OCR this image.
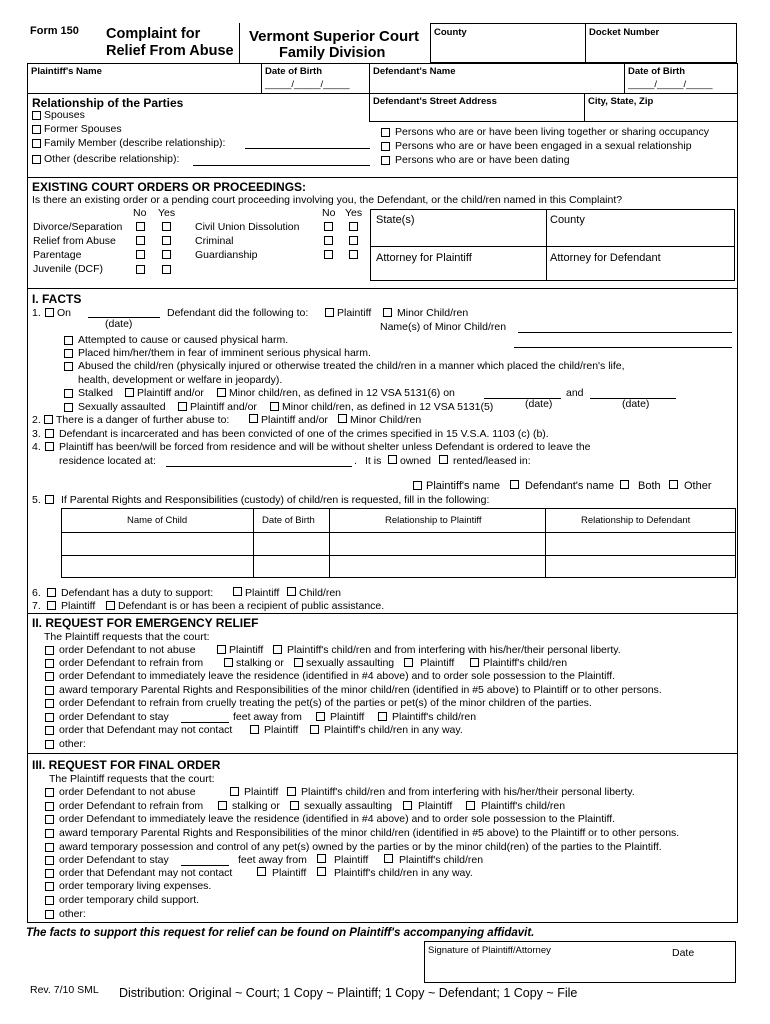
Form 150 Complaint for
Relief From Abuse
Vermont Superior Court
Family Division
County	Docket Number
Plaintiff's Name	Date of Birth
_____/_____/_____
Defendant's Name	Date of Birth
_____/_____/_____
Defendant's Street Address	City, State, Zip
Relationship of the Parties
Spouses
Former Spouses
Family Member (describe relationship):
Other (describe relationship):
Persons who are or have been living together or sharing occupancy
Persons who are or have been engaged in a sexual relationship
Persons who are or have been dating
EXISTING COURT ORDERS OR PROCEEDINGS:
Is there an existing order or a pending court proceeding involving you, the Defendant, or the child/ren named in this Complaint?
No Yes	No Yes
Divorce/Separation
Relief from Abuse
Parentage
Juvenile (DCF)
Civil Union Dissolution
Criminal
Guardianship
State(s)	County
Attorney for Plaintiff	Attorney for Defendant
I. FACTS
1. On
(date)
Defendant did the following to:	Plaintiff Minor Child/ren
Name(s) of Minor Child/ren
Attempted to cause or caused physical harm.
Placed him/her/them in fear of imminent serious physical harm.
Abused the child/ren (physically injured or otherwise treated the child/ren in a manner which placed the child/ren's life,
health, development or welfare in jeopardy).
Stalked Plaintiff and/or Minor child/ren, as defined in 12 VSA 5131(6) on	and
Sexually assaulted Plaintiff and/or Minor child/ren, as defined in 12 VSA 5131(5)	(date)	(date)
2. There is a danger of further abuse to:	Plaintiff and/or Minor Child/ren
3. Defendant is incarcerated and has been convicted of one of the crimes specified in 15 V.S.A. 1103 (c) (b).
4. Plaintiff has been/will be forced from residence and will be without shelter unless Defendant is ordered to leave the
residence located at:	. It is owned rented/leased in:
Plaintiff's name Defendant's name Both Other
5. If Parental Rights and Responsibilities (custody) of child/ren is requested, fill in the following:
Name of Child	Date of Birth	Relationship to Plaintiff	Relationship to Defendant
6. Defendant has a duty to support:	Plaintiff Child/ren
7. Plaintiff Defendant is or has been a recipient of public assistance.
II. REQUEST FOR EMERGENCY RELIEF
The Plaintiff requests that the court:
order Defendant to not abuse	Plaintiff Plaintiff's child/ren and from interfering with his/her/their personal liberty.
order Defendant to refrain from	stalking or sexually assaulting Plaintiff	Plaintiff's child/ren
order Defendant to immediately leave the residence (identified in #4 above) and to order sole possession to the Plaintiff.
award temporary Parental Rights and Responsibilities of the minor child/ren (identified in #5 above) to Plaintiff or to other persons.
order Defendant to refrain from cruelly treating the pet(s) of the parties or pet(s) of the minor children of the parties.
order Defendant to stay	feet away from	Plaintiff	Plaintiff's child/ren
order that Defendant may not contact	Plaintiff Plaintiff's child/ren in any way.
other:
III. REQUEST FOR FINAL ORDER
The Plaintiff requests that the court:
order Defendant to not abuse	Plaintiff Plaintiff's child/ren and from interfering with his/her/their personal liberty.
order Defendant to refrain from	stalking or sexually assaulting Plaintiff	Plaintiff's child/ren
order Defendant to immediately leave the residence (identified in #4 above) and to order sole possession to the Plaintiff.
award temporary Parental Rights and Responsibilities of the minor child/ren (identified in #5 above) to the Plaintiff or to other persons.
award temporary possession and control of any pet(s) owned by the parties or by the minor child(ren) of the parties to the Plaintiff.
order Defendant to stay	feet away from	Plaintiff	Plaintiff's child/ren
order that Defendant may not contact	Plaintiff	Plaintiff's child/ren in any way.
order temporary living expenses.
order temporary child support.
other:
The facts to support this request for relief can be found on Plaintiff's accompanying affidavit.
Signature of Plaintiff/Attorney	Date
Rev. 7/10 SML Distribution: Original ~ Court; 1 Copy ~ Plaintiff; 1 Copy ~ Defendant; 1 Copy ~ File
